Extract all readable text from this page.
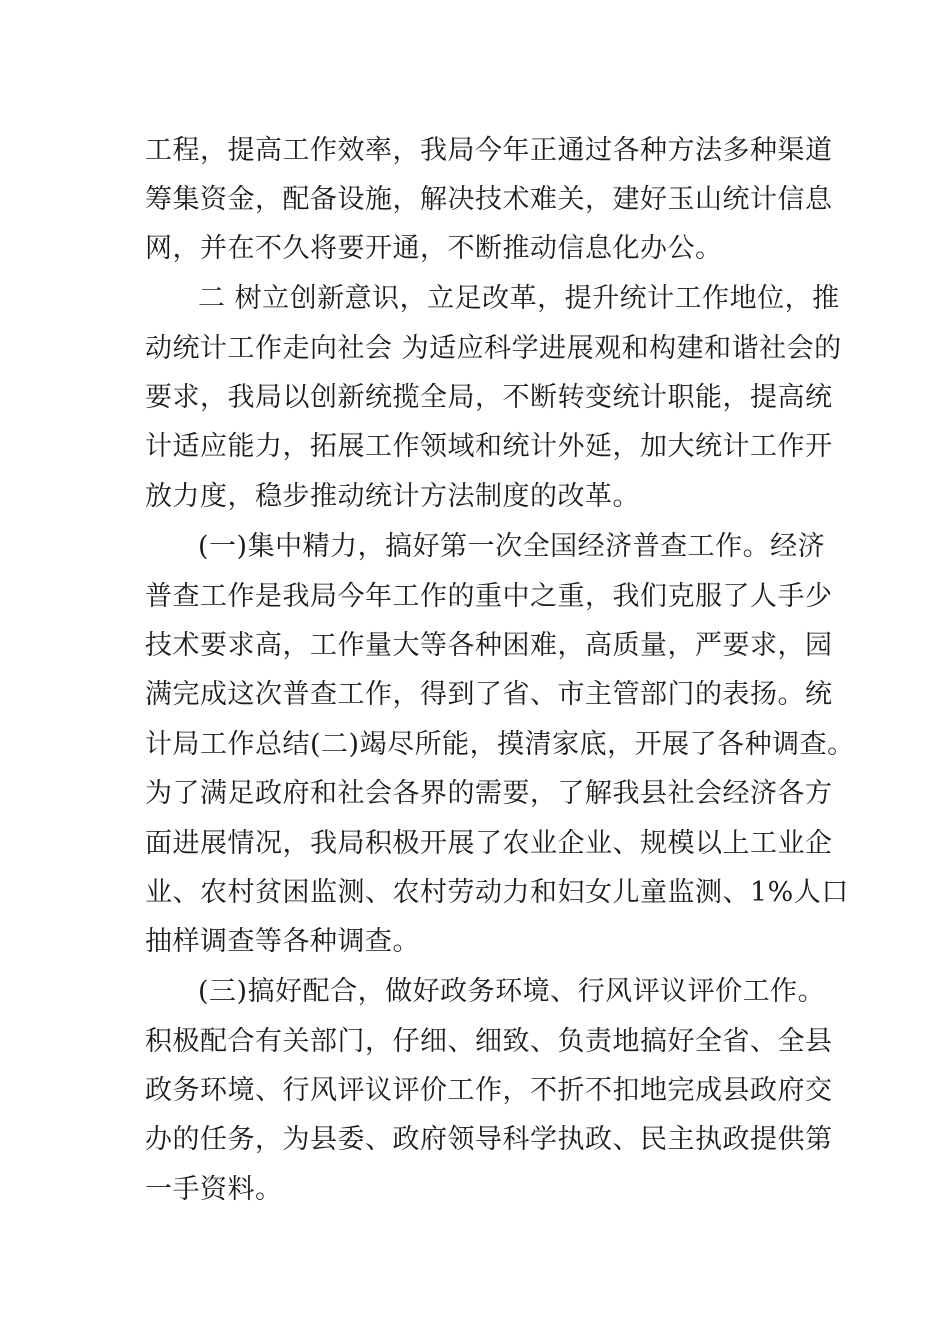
工程，提高工作效率，我局今年正通过各种方法多种渠道
筹集资金，配备设施，解决技术难关，建好玉山统计信息
网，并在不久将要开通，不断推动信息化办公。
二 树立创新意识，立足改革，提升统计工作地位，推
动统计工作走向社会 为适应科学进展观和构建和谐社会的
要求，我局以创新统揽全局，不断转变统计职能，提高统
计适应能力，拓展工作领域和统计外延，加大统计工作开
放力度，稳步推动统计方法制度的改革。
(一)集中精力，搞好第一次全国经济普查工作。经济
普查工作是我局今年工作的重中之重，我们克服了人手少
技术要求高，工作量大等各种困难，高质量，严要求，园
满完成这次普查工作，得到了省、市主管部门的表扬。统
计局工作总结(二)竭尽所能，摸清家底，开展了各种调查。
为了满足政府和社会各界的需要，了解我县社会经济各方
面进展情况，我局积极开展了农业企业、规模以上工业企
业、农村贫困监测、农村劳动力和妇女儿童监测、1%人口
抽样调查等各种调查。
(三)搞好配合，做好政务环境、行风评议评价工作。
积极配合有关部门，仔细、细致、负责地搞好全省、全县
政务环境、行风评议评价工作，不折不扣地完成县政府交
办的任务，为县委、政府领导科学执政、民主执政提供第
一手资料。
